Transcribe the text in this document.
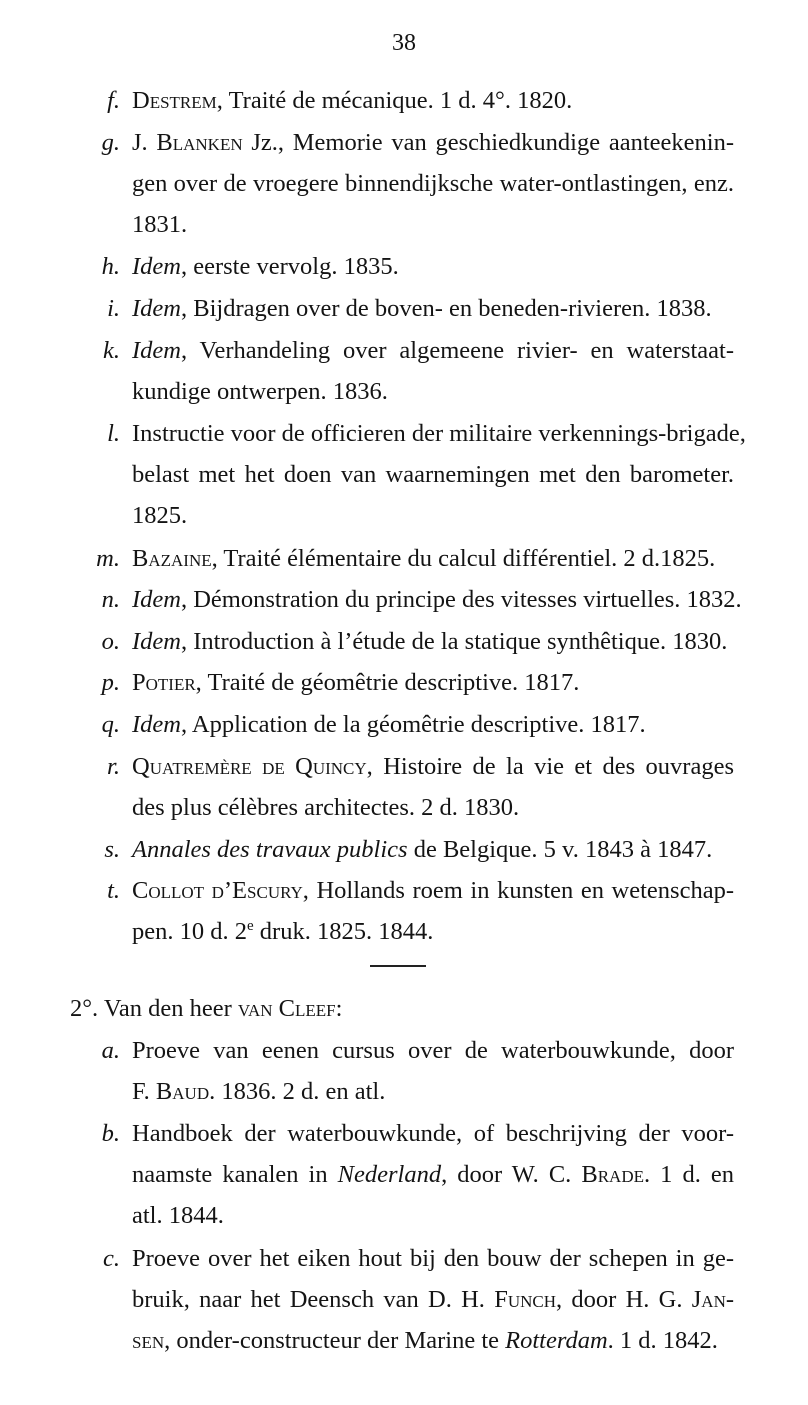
38
f. Destrem, Traité de mécanique. 1 d. 4°. 1820.
g. J. Blanken Jz., Memorie van geschiedkundige aanteekenin-
gen over de vroegere binnendijksche water-ontlastingen, enz.
1831.
h. Idem, eerste vervolg. 1835.
i. Idem, Bijdragen over de boven- en beneden-rivieren. 1838.
k. Idem, Verhandeling over algemeene rivier- en waterstaat-
kundige ontwerpen. 1836.
l. Instructie voor de officieren der militaire verkennings-brigade,
belast met het doen van waarnemingen met den barometer.
1825.
m. Bazaine, Traité élémentaire du calcul différentiel. 2 d.1825.
n. Idem, Démonstration du principe des vitesses virtuelles. 1832.
o. Idem, Introduction à l’étude de la statique synthêtique. 1830.
p. Potier, Traité de géomêtrie descriptive. 1817.
q. Idem, Application de la géomêtrie descriptive. 1817.
r. Quatremère de Quincy, Histoire de la vie et des ouvrages
des plus célèbres architectes. 2 d. 1830.
s. Annales des travaux publics de Belgique. 5 v. 1843 à 1847.
t. Collot d’Escury, Hollands roem in kunsten en wetenschap-
pen. 10 d. 2e druk. 1825. 1844.
2°. Van den heer van Cleef:
a. Proeve van eenen cursus over de waterbouwkunde, door
F. Baud. 1836. 2 d. en atl.
b. Handboek der waterbouwkunde, of beschrijving der voor-
naamste kanalen in Nederland, door W. C. Brade. 1 d. en
atl. 1844.
c. Proeve over het eiken hout bij den bouw der schepen in ge-
bruik, naar het Deensch van D. H. Funch, door H. G. Jan-
sen, onder-constructeur der Marine te Rotterdam. 1 d. 1842.
